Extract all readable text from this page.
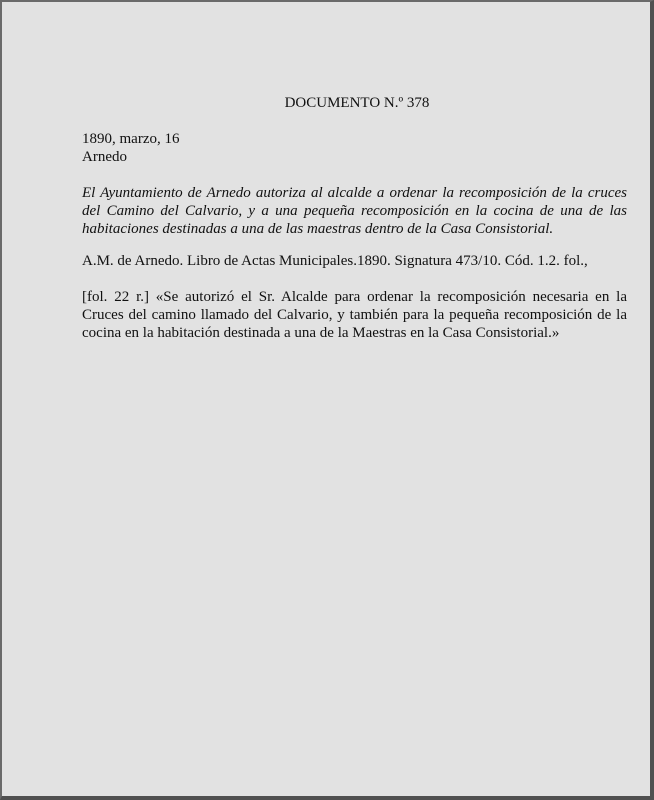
DOCUMENTO N.º 378

1890, marzo, 16

Arnedo

El Ayuntamiento de Arnedo autoriza al alcalde a ordenar la recomposición de la cruces del Camino del Calvario, y a una pequeña recomposición en la cocina de una de las habitaciones destinadas a una de las maestras dentro de la Casa Consistorial.

A.M. de Arnedo. Libro de Actas Municipales.1890. Signatura 473/10. Cód. 1.2. fol.,

[fol. 22 r.] «Se autorizó el Sr. Alcalde para ordenar la recomposición necesaria en la Cruces del camino llamado del Calvario, y también para la pequeña recomposición de la cocina en la habitación destinada a una de la Maestras en la Casa Consistorial.»
